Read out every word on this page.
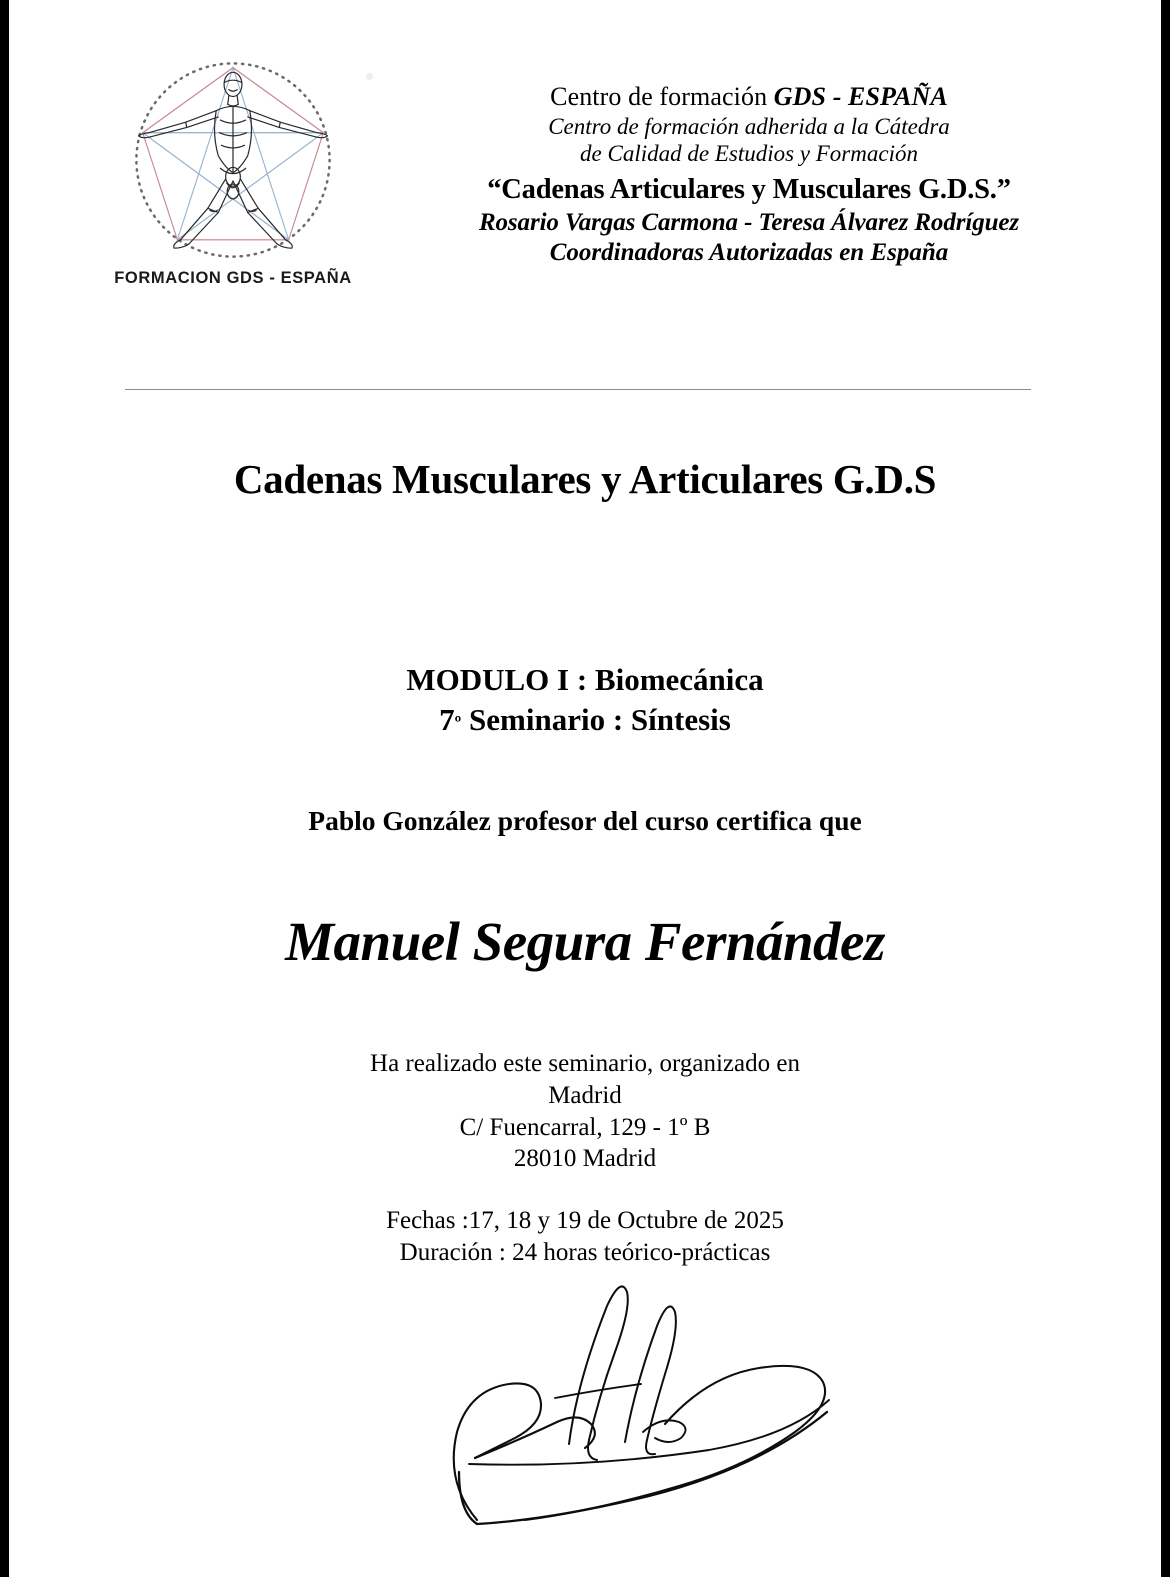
FORMACION GDS - ESPAÑA
Centro de formación GDS - ESPAÑA
Centro de formación adherida a la Cátedra
de Calidad de Estudios y Formación
“Cadenas Articulares y Musculares G.D.S.”
Rosario Vargas Carmona - Teresa Álvarez Rodríguez
Coordinadoras Autorizadas en España
Cadenas Musculares y Articulares G.D.S
MODULO I : Biomecánica
7º Seminario : Síntesis
Pablo González profesor del curso certifica que
Manuel Segura Fernández
Ha realizado este seminario, organizado en
Madrid
C/ Fuencarral, 129 - 1º B
28010 Madrid
Fechas :17, 18 y 19 de Octubre de 2025
Duración : 24 horas teórico-prácticas
